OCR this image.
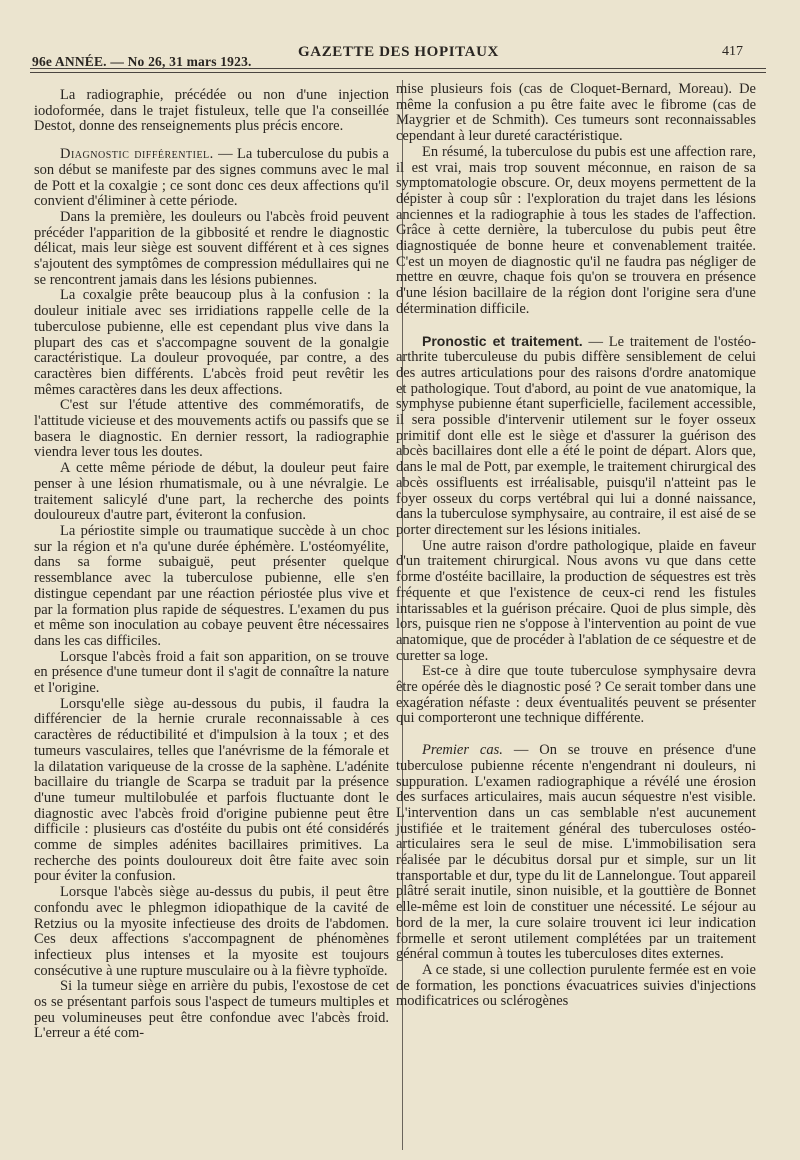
96e ANNÉE. — No 26, 31 mars 1923.
GAZETTE DES HOPITAUX	417

La radiographie, précédée ou non d'une injection iodoformée, dans le trajet fistuleux, telle que l'a conseillée Destot, donne des renseignements plus précis encore.

Diagnostic différentiel. — La tuberculose du pubis a son début se manifeste par des signes communs avec le mal de Pott et la coxalgie ; ce sont donc ces deux affections qu'il convient d'éliminer à cette période.

Dans la première, les douleurs ou l'abcès froid peuvent précéder l'apparition de la gibbosité et rendre le diagnostic délicat, mais leur siège est souvent différent et à ces signes s'ajoutent des symptômes de compression médullaires qui ne se rencontrent jamais dans les lésions pubiennes.

La coxalgie prête beaucoup plus à la confusion : la douleur initiale avec ses irridiations rappelle celle de la tuberculose pubienne, elle est cependant plus vive dans la plupart des cas et s'accompagne souvent de la gonalgie caractéristique. La douleur provoquée, par contre, a des caractères bien différents. L'abcès froid peut revêtir les mêmes caractères dans les deux affections.

C'est sur l'étude attentive des commémoratifs, de l'attitude vicieuse et des mouvements actifs ou passifs que se basera le diagnostic. En dernier ressort, la radiographie viendra lever tous les doutes.

A cette même période de début, la douleur peut faire penser à une lésion rhumatismale, ou à une névralgie. Le traitement salicylé d'une part, la recherche des points douloureux d'autre part, éviteront la confusion.

La périostite simple ou traumatique succède à un choc sur la région et n'a qu'une durée éphémère. L'ostéomyélite, dans sa forme subaiguë, peut présenter quelque ressemblance avec la tuberculose pubienne, elle s'en distingue cependant par une réaction périostée plus vive et par la formation plus rapide de séquestres. L'examen du pus et même son inoculation au cobaye peuvent être nécessaires dans les cas difficiles.

Lorsque l'abcès froid a fait son apparition, on se trouve en présence d'une tumeur dont il s'agit de connaître la nature et l'origine.

Lorsqu'elle siège au-dessous du pubis, il faudra la différencier de la hernie crurale reconnaissable à ces caractères de réductibilité et d'impulsion à la toux ; et des tumeurs vasculaires, telles que l'anévrisme de la fémorale et la dilatation variqueuse de la crosse de la saphène. L'adénite bacillaire du triangle de Scarpa se traduit par la présence d'une tumeur multilobulée et parfois fluctuante dont le diagnostic avec l'abcès froid d'origine pubienne peut être difficile : plusieurs cas d'ostéite du pubis ont été considérés comme de simples adénites bacillaires primitives. La recherche des points douloureux doit être faite avec soin pour éviter la confusion.

Lorsque l'abcès siège au-dessus du pubis, il peut être confondu avec le phlegmon idiopathique de la cavité de Retzius ou la myosite infectieuse des droits de l'abdomen. Ces deux affections s'accompagnent de phénomènes infectieux plus intenses et la myosite est toujours consécutive à une rupture musculaire ou à la fièvre typhoïde.

Si la tumeur siège en arrière du pubis, l'exostose de cet os se présentant parfois sous l'aspect de tumeurs multiples et peu volumineuses peut être confondue avec l'abcès froid. L'erreur a été com-

mise plusieurs fois (cas de Cloquet-Bernard, Moreau). De même la confusion a pu être faite avec le fibrome (cas de Maygrier et de Schmith). Ces tumeurs sont reconnaissables cependant à leur dureté caractéristique.

En résumé, la tuberculose du pubis est une affection rare, il est vrai, mais trop souvent méconnue, en raison de sa symptomatologie obscure. Or, deux moyens permettent de la dépister à coup sûr : l'exploration du trajet dans les lésions anciennes et la radiographie à tous les stades de l'affection. Grâce à cette dernière, la tuberculose du pubis peut être diagnostiquée de bonne heure et convenablement traitée. C'est un moyen de diagnostic qu'il ne faudra pas négliger de mettre en œuvre, chaque fois qu'on se trouvera en présence d'une lésion bacillaire de la région dont l'origine sera d'une détermination difficile.

Pronostic et traitement. — Le traitement de l'ostéo-arthrite tuberculeuse du pubis diffère sensiblement de celui des autres articulations pour des raisons d'ordre anatomique et pathologique. Tout d'abord, au point de vue anatomique, la symphyse pubienne étant superficielle, facilement accessible, il sera possible d'intervenir utilement sur le foyer osseux primitif dont elle est le siège et d'assurer la guérison des abcès bacillaires dont elle a été le point de départ. Alors que, dans le mal de Pott, par exemple, le traitement chirurgical des abcès ossifluents est irréalisable, puisqu'il n'atteint pas le foyer osseux du corps vertébral qui lui a donné naissance, dans la tuberculose symphysaire, au contraire, il est aisé de se porter directement sur les lésions initiales.

Une autre raison d'ordre pathologique, plaide en faveur d'un traitement chirurgical. Nous avons vu que dans cette forme d'ostéite bacillaire, la production de séquestres est très fréquente et que l'existence de ceux-ci rend les fistules intarissables et la guérison précaire. Quoi de plus simple, dès lors, puisque rien ne s'oppose à l'intervention au point de vue anatomique, que de procéder à l'ablation de ce séquestre et de curetter sa loge.

Est-ce à dire que toute tuberculose symphysaire devra être opérée dès le diagnostic posé ? Ce serait tomber dans une exagération néfaste : deux éventualités peuvent se présenter qui comporteront une technique différente.

Premier cas. — On se trouve en présence d'une tuberculose pubienne récente n'engendrant ni douleurs, ni suppuration. L'examen radiographique a révélé une érosion des surfaces articulaires, mais aucun séquestre n'est visible. L'intervention dans un cas semblable n'est aucunement justifiée et le traitement général des tuberculoses ostéo-articulaires sera le seul de mise. L'immobilisation sera réalisée par le décubitus dorsal pur et simple, sur un lit transportable et dur, type du lit de Lannelongue. Tout appareil plâtré serait inutile, sinon nuisible, et la gouttière de Bonnet elle-même est loin de constituer une nécessité. Le séjour au bord de la mer, la cure solaire trouvent ici leur indication formelle et seront utilement complétées par un traitement général commun à toutes les tuberculoses dites externes.

A ce stade, si une collection purulente fermée est en voie de formation, les ponctions évacuatrices suivies d'injections modificatrices ou sclérogènes
